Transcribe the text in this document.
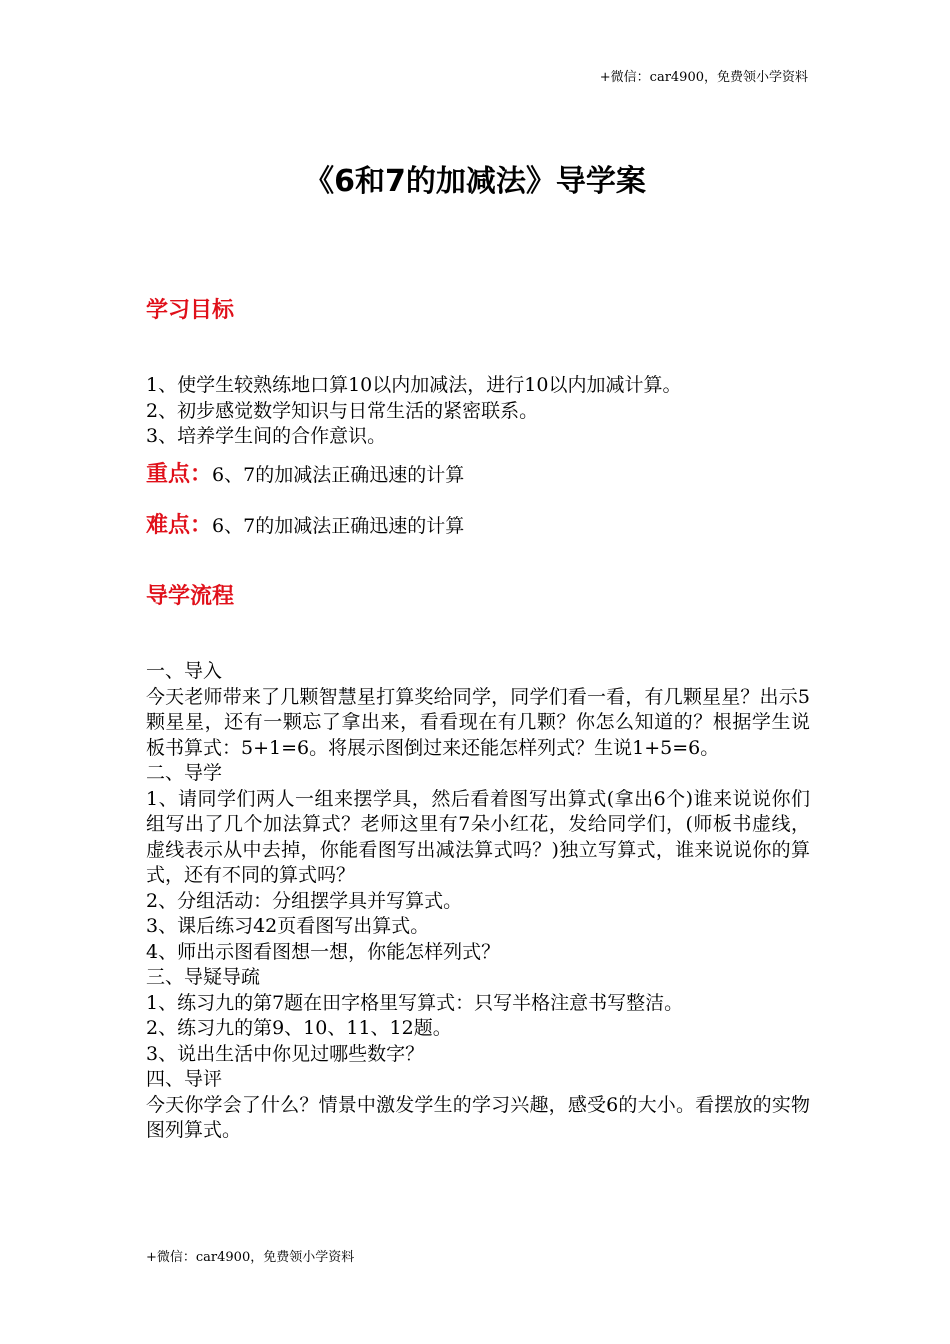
+微信：car4900，免费领小学资料
《6和7的加减法》导学案
学习目标
1、使学生较熟练地口算10以内加减法，进行10以内加减计算。
2、初步感觉数学知识与日常生活的紧密联系。
3、培养学生间的合作意识。
重点：6、7的加减法正确迅速的计算
难点：6、7的加减法正确迅速的计算
导学流程
一、导入
今天老师带来了几颗智慧星打算奖给同学，同学们看一看，有几颗星星？出示5颗星星，还有一颗忘了拿出来，看看现在有几颗？你怎么知道的？根据学生说板书算式：5+1=6。将展示图倒过来还能怎样列式？生说1+5=6。
二、导学
1、请同学们两人一组来摆学具，然后看着图写出算式(拿出6个)谁来说说你们组写出了几个加法算式？老师这里有7朵小红花，发给同学们，(师板书虚线，虚线表示从中去掉，你能看图写出减法算式吗？)独立写算式，谁来说说你的算式，还有不同的算式吗？
2、分组活动：分组摆学具并写算式。
3、课后练习42页看图写出算式。
4、师出示图看图想一想，你能怎样列式？
三、导疑导疏
1、练习九的第7题在田字格里写算式：只写半格注意书写整洁。
2、练习九的第9、10、11、12题。
3、说出生活中你见过哪些数字？
四、导评
今天你学会了什么？情景中激发学生的学习兴趣，感受6的大小。看摆放的实物图列算式。
+微信：car4900，免费领小学资料
